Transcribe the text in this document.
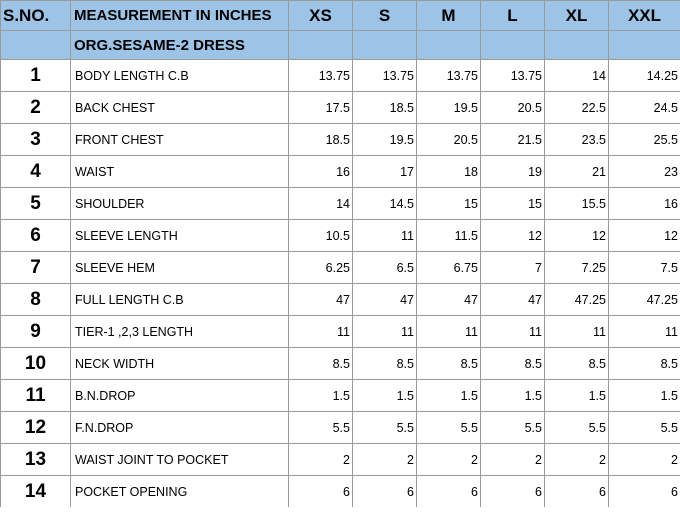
S.NO.	MEASUREMENT IN INCHES	XS	S	M	L	XL	XXL
	ORG.SESAME-2 DRESS						
1	BODY LENGTH C.B	13.75	13.75	13.75	13.75	14	14.25
2	BACK CHEST	17.5	18.5	19.5	20.5	22.5	24.5
3	FRONT CHEST	18.5	19.5	20.5	21.5	23.5	25.5
4	WAIST	16	17	18	19	21	23
5	SHOULDER	14	14.5	15	15	15.5	16
6	SLEEVE LENGTH	10.5	11	11.5	12	12	12
7	SLEEVE HEM	6.25	6.5	6.75	7	7.25	7.5
8	FULL LENGTH C.B	47	47	47	47	47.25	47.25
9	TIER-1 ,2,3 LENGTH	11	11	11	11	11	11
10	NECK WIDTH	8.5	8.5	8.5	8.5	8.5	8.5
11	B.N.DROP	1.5	1.5	1.5	1.5	1.5	1.5
12	F.N.DROP	5.5	5.5	5.5	5.5	5.5	5.5
13	WAIST JOINT TO POCKET	2	2	2	2	2	2
14	POCKET OPENING	6	6	6	6	6	6
